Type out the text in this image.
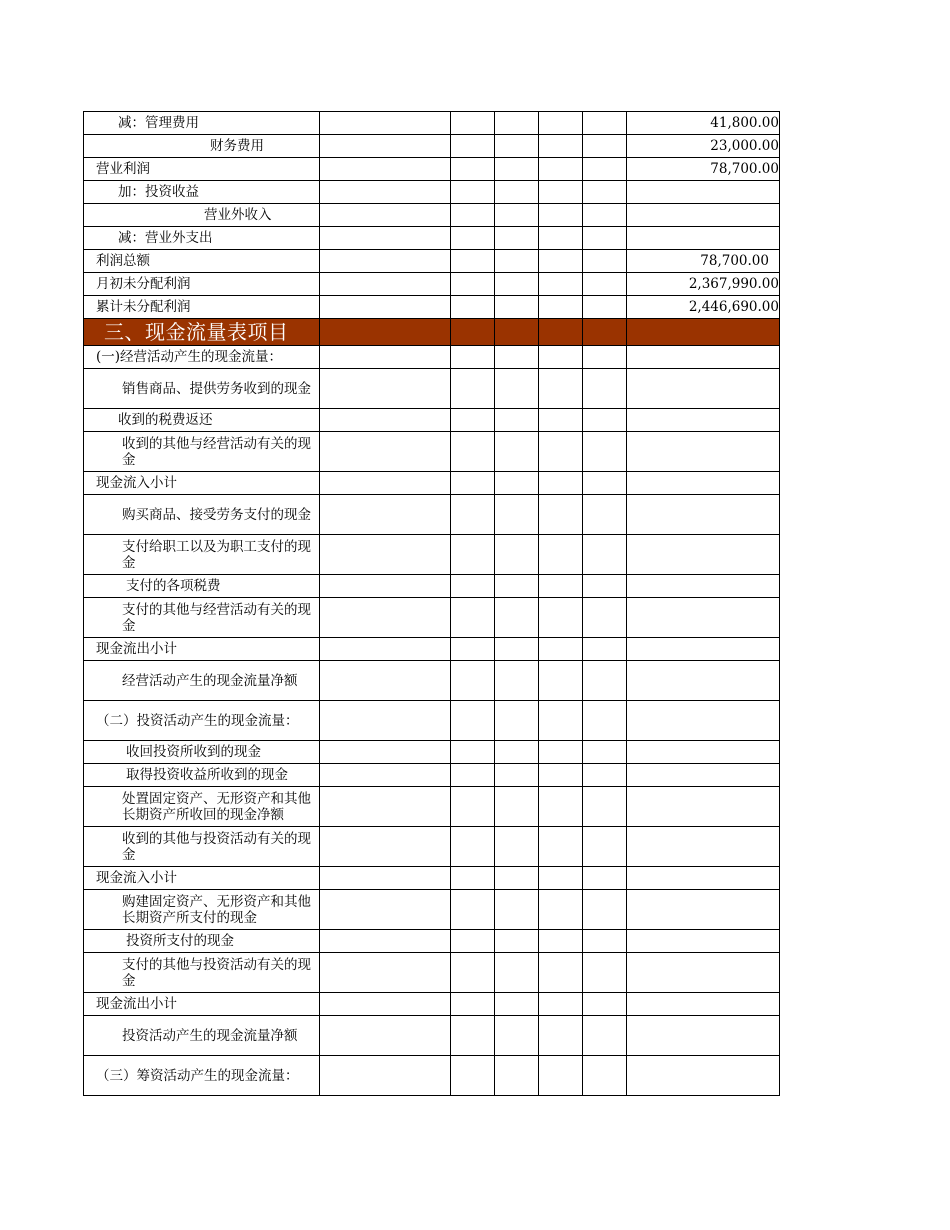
减：管理费用						41,800.00
财务费用						23,000.00
营业利润						78,700.00
加：投资收益						
营业外收入						
减：营业外支出						
利润总额						78,700.00
月初未分配利润						2,367,990.00
累计未分配利润						2,446,690.00
三、现金流量表项目						
(一)经营活动产生的现金流量：						

销售商品、提供劳务收到的现金						

收到的税费返还						

收到的其他与经营活动有关的现金						

现金流入小计						

购买商品、接受劳务支付的现金						

支付给职工以及为职工支付的现金						

支付的各项税费						

支付的其他与经营活动有关的现金						

现金流出小计						

经营活动产生的现金流量净额						

（二）投资活动产生的现金流量：						

收回投资所收到的现金						
取得投资收益所收到的现金						

处置固定资产、无形资产和其他长期资产所收回的现金净额						

收到的其他与投资活动有关的现金						

现金流入小计						

购建固定资产、无形资产和其他长期资产所支付的现金						

投资所支付的现金						

支付的其他与投资活动有关的现金						

现金流出小计						

投资活动产生的现金流量净额						

（三）筹资活动产生的现金流量：						
